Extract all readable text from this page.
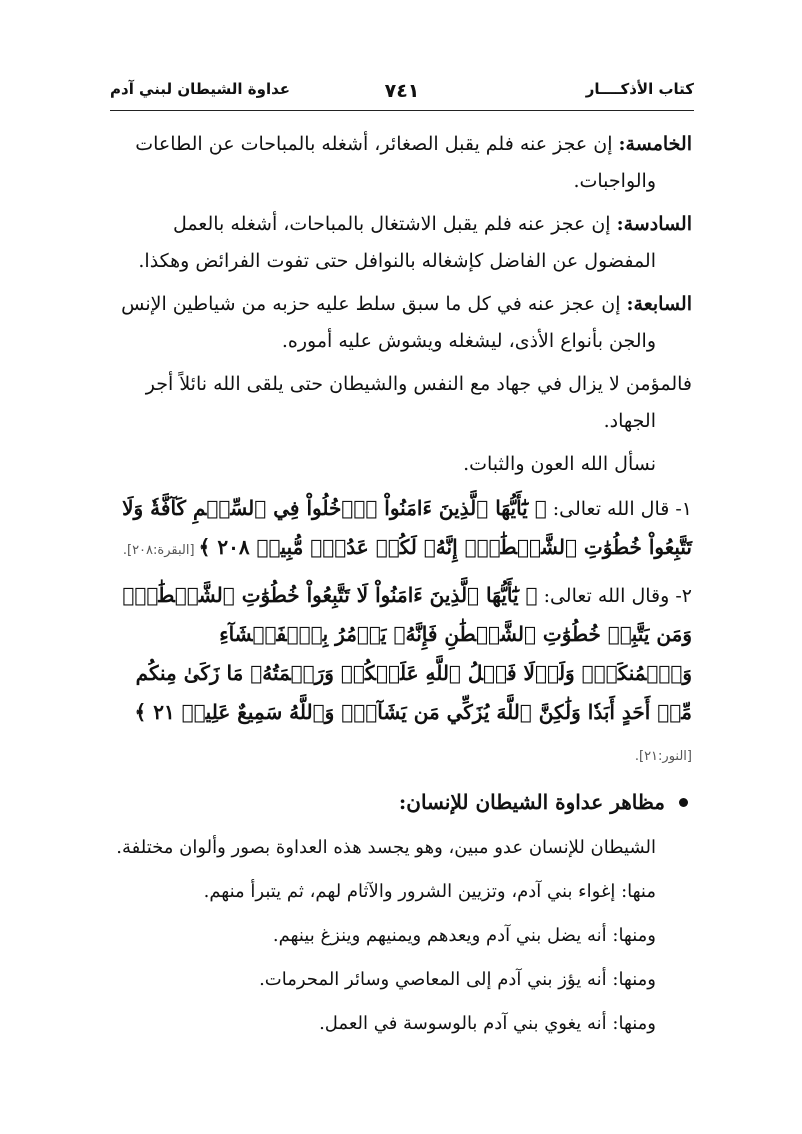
كتاب الأذكــــار
٧٤١
عداوة الشيطان لبني آدم

الخامسة: إن عجز عنه فلم يقبل الصغائر، أشغله بالمباحات عن الطاعات والواجبات.

السادسة: إن عجز عنه فلم يقبل الاشتغال بالمباحات، أشغله بالعمل المفضول عن الفاضل كإشغاله بالنوافل حتى تفوت الفرائض وهكذا.

السابعة: إن عجز عنه في كل ما سبق سلط عليه حزبه من شياطين الإنس والجن بأنواع الأذى، ليشغله ويشوش عليه أموره.

فالمؤمن لا يزال في جهاد مع النفس والشيطان حتى يلقى الله نائلاً أجر الجهاد.

نسأل الله العون والثبات.

١- قال الله تعالى: ﴿ يَٰٓأَيُّهَا ٱلَّذِينَ ءَامَنُواْ ٱدۡخُلُواْ فِي ٱلسِّلۡمِ كَآفَّةٗ وَلَا تَتَّبِعُواْ خُطُوَٰتِ ٱلشَّيۡطَٰنِۚ إِنَّهُۥ لَكُمۡ عَدُوّٞ مُّبِينٞ ٢٠٨ ﴾ [البقرة:٢٠٨].

٢- وقال الله تعالى: ﴿ يَٰٓأَيُّهَا ٱلَّذِينَ ءَامَنُواْ لَا تَتَّبِعُواْ خُطُوَٰتِ ٱلشَّيۡطَٰنِۚ وَمَن يَتَّبِعۡ خُطُوَٰتِ ٱلشَّيۡطَٰنِ فَإِنَّهُۥ يَأۡمُرُ بِٱلۡفَحۡشَآءِ وَٱلۡمُنكَرِۚ وَلَوۡلَا فَضۡلُ ٱللَّهِ عَلَيۡكُمۡ وَرَحۡمَتُهُۥ مَا زَكَىٰ مِنكُم مِّنۡ أَحَدٍ أَبَدٗا وَلَٰكِنَّ ٱللَّهَ يُزَكِّي مَن يَشَآءُۗ وَٱللَّهُ سَمِيعٌ عَلِيمٞ ٢١ ﴾ [النور:٢١].

مظاهر عداوة الشيطان للإنسان:

الشيطان للإنسان عدو مبين، وهو يجسد هذه العداوة بصور وألوان مختلفة.

منها: إغواء بني آدم، وتزيين الشرور والآثام لهم، ثم يتبرأ منهم.

ومنها: أنه يضل بني آدم ويعدهم ويمنيهم وينزغ بينهم.

ومنها: أنه يؤز بني آدم إلى المعاصي وسائر المحرمات.

ومنها: أنه يغوي بني آدم بالوسوسة في العمل.
